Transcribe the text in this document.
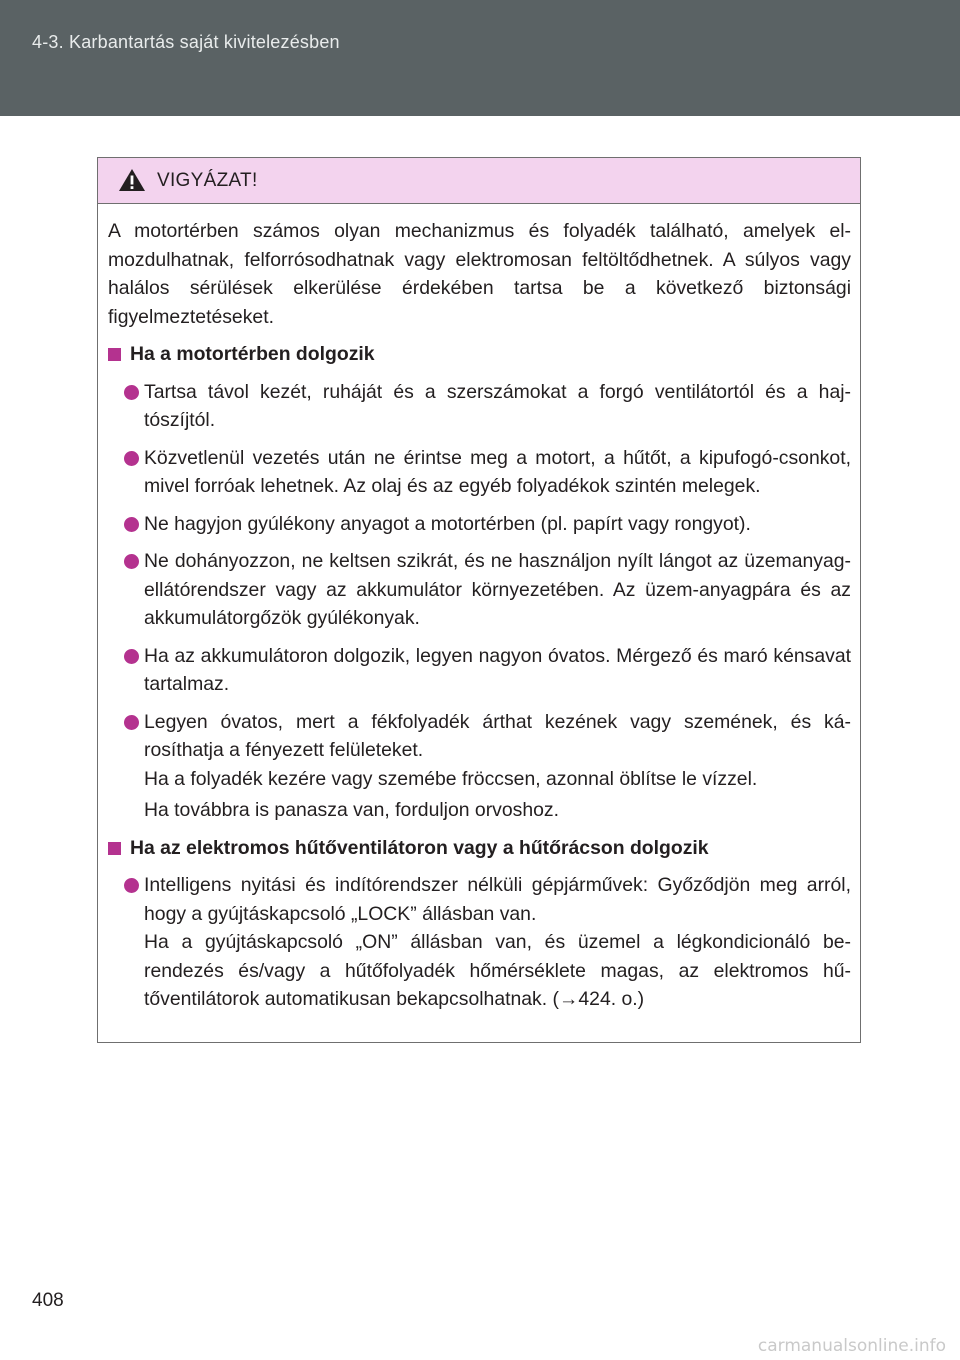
4-3. Karbantartás saját kivitelezésben
VIGYÁZAT!

A motortérben számos olyan mechanizmus és folyadék található, amelyek el-mozdulhatnak, felforrósodhatnak vagy elektromosan feltöltődhetnek. A súlyos vagy halálos sérülések elkerülése érdekében tartsa be a következő biztonsági figyelmeztetéseket.

Ha a motortérben dolgozik
Tartsa távol kezét, ruháját és a szerszámokat a forgó ventilátortól és a haj-tószíjtól.
Közvetlenül vezetés után ne érintse meg a motort, a hűtőt, a kipufogó-csonkot, mivel forróak lehetnek. Az olaj és az egyéb folyadékok szintén melegek.
Ne hagyjon gyúlékony anyagot a motortérben (pl. papírt vagy rongyot).
Ne dohányozzon, ne keltsen szikrát, és ne használjon nyílt lángot az üzemanyag-ellátórendszer vagy az akkumulátor környezetében. Az üzem-anyagpára és az akkumulátorgőzök gyúlékonyak.
Ha az akkumulátoron dolgozik, legyen nagyon óvatos. Mérgező és maró kénsavat tartalmaz.
Legyen óvatos, mert a fékfolyadék árthat kezének vagy szemének, és ká-rosíthatja a fényezett felületeket.
Ha a folyadék kezére vagy szemébe fröccsen, azonnal öblítse le vízzel.
Ha továbbra is panasza van, forduljon orvoshoz.
Ha az elektromos hűtőventilátoron vagy a hűtőrácson dolgozik
Intelligens nyitási és indítórendszer nélküli gépjárművek: Győződjön meg arról, hogy a gyújtáskapcsoló „LOCK” állásban van.
Ha a gyújtáskapcsoló „ON” állásban van, és üzemel a légkondicionáló be-rendezés és/vagy a hűtőfolyadék hőmérséklete magas, az elektromos hű-tőventilátorok automatikusan bekapcsolhatnak. (→424. o.)
408
carmanualsonline.info
